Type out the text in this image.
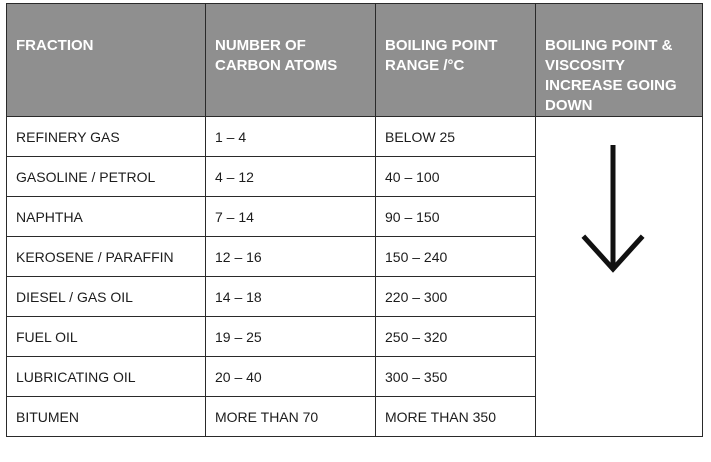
FRACTION	NUMBER OF CARBON ATOMS	BOILING POINT RANGE /°C	BOILING POINT & VISCOSITY INCREASE GOING DOWN
REFINERY GAS	1 – 4	BELOW 25	

GASOLINE / PETROL	4 – 12	40 – 100	
NAPHTHA	7 – 14	90 – 150	
KEROSENE / PARAFFIN	12 – 16	150 – 240	
DIESEL / GAS OIL	14 – 18	220 – 300	
FUEL OIL	19 – 25	250 – 320	
LUBRICATING OIL	20 – 40	300 – 350	
BITUMEN	MORE THAN 70	MORE THAN 350	
